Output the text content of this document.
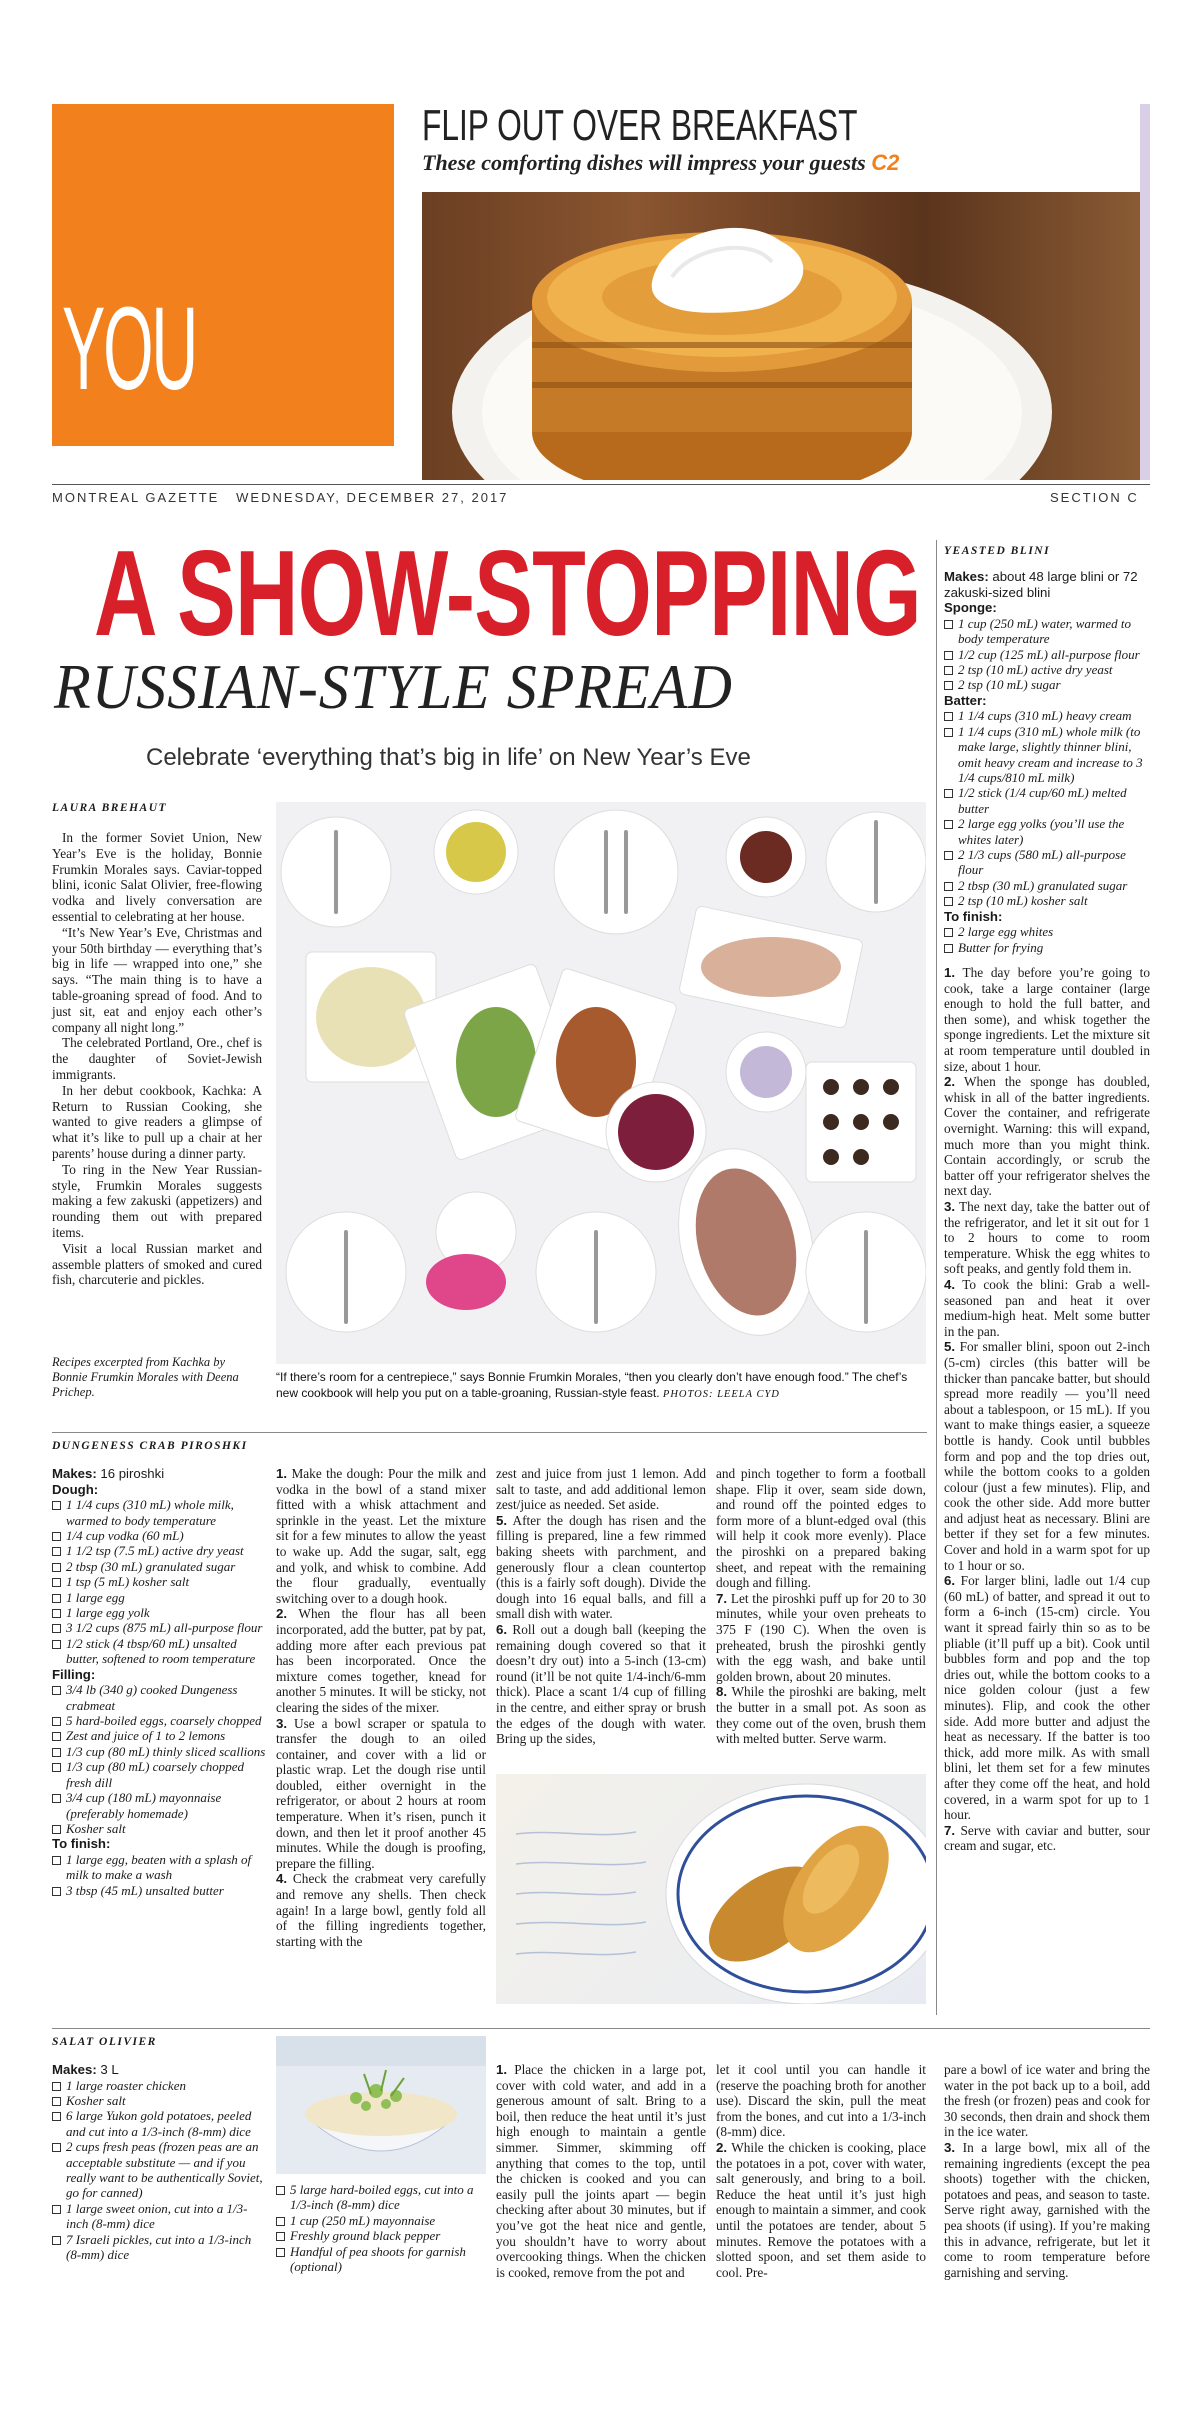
YOU
FLIP OUT OVER BREAKFAST
These comforting dishes will impress your guests C2
MONTREAL GAZETTE   WEDNESDAY, DECEMBER 27, 2017	SECTION C
A SHOW-STOPPING
RUSSIAN-STYLE SPREAD
Celebrate ‘everything that’s big in life’ on New Year’s Eve
LAURA BREHAUT

In the former Soviet Union, New Year’s Eve is the holiday, Bonnie Frumkin Morales says. Caviar-topped blini, iconic Salat Olivier, free-flowing vodka and lively conversation are essential to celebrating at her house.

“It’s New Year’s Eve, Christmas and your 50th birthday — everything that’s big in life — wrapped into one,” she says. “The main thing is to have a table-groaning spread of food. And to just sit, eat and enjoy each other’s company all night long.”

The celebrated Portland, Ore., chef is the daughter of Soviet-Jewish immigrants.

In her debut cookbook, Kachka: A Return to Russian Cooking, she wanted to give readers a glimpse of what it’s like to pull up a chair at her parents’ house during a dinner party.

To ring in the New Year Russian-style, Frumkin Morales suggests making a few zakuski (appetizers) and rounding them out with prepared items.

Visit a local Russian market and assemble platters of smoked and cured fish, charcuterie and pickles.

Recipes excerpted from Kachka by Bonnie Frumkin Morales with Deena Prichep.
“If there’s room for a centrepiece,” says Bonnie Frumkin Morales, “then you clearly don’t have enough food.” The chef’s new cookbook will help you put on a table-groaning, Russian-style feast. PHOTOS: LEELA CYD
YEASTED BLINI
Makes: about 48 large blini or 72 zakuski-sized blini
Sponge:
1 cup (250 mL) water, warmed to body temperature
1/2 cup (125 mL) all-purpose flour
2 tsp (10 mL) active dry yeast
2 tsp (10 mL) sugar
Batter:
1 1/4 cups (310 mL) heavy cream
1 1/4 cups (310 mL) whole milk (to make large, slightly thinner blini, omit heavy cream and increase to 3 1/4 cups/810 mL milk)
1/2 stick (1/4 cup/60 mL) melted butter
2 large egg yolks (you’ll use the whites later)
2 1/3 cups (580 mL) all-purpose flour
2 tbsp (30 mL) granulated sugar
2 tsp (10 mL) kosher salt
To finish:
2 large egg whites
Butter for frying

1. The day before you’re going to cook, take a large container (large enough to hold the full batter, and then some), and whisk together the sponge ingredients. Let the mixture sit at room temperature until doubled in size, about 1 hour.

2. When the sponge has doubled, whisk in all of the batter ingredients. Cover the container, and refrigerate overnight. Warning: this will expand, much more than you might think. Contain accordingly, or scrub the batter off your refrigerator shelves the next day.

3. The next day, take the batter out of the refrigerator, and let it sit out for 1 to 2 hours to come to room temperature. Whisk the egg whites to soft peaks, and gently fold them in.

4. To cook the blini: Grab a well-seasoned pan and heat it over medium-high heat. Melt some butter in the pan.

5. For smaller blini, spoon out 2-inch (5-cm) circles (this batter will be thicker than pancake batter, but should spread more readily — you’ll need about a tablespoon, or 15 mL). If you want to make things easier, a squeeze bottle is handy. Cook until bubbles form and pop and the top dries out, while the bottom cooks to a golden colour (just a few minutes). Flip, and cook the other side. Add more butter and adjust heat as necessary. Blini are better if they set for a few minutes. Cover and hold in a warm spot for up to 1 hour or so.

6. For larger blini, ladle out 1/4 cup (60 mL) of batter, and spread it out to form a 6-inch (15-cm) circle. You want it spread fairly thin so as to be pliable (it’ll puff up a bit). Cook until bubbles form and pop and the top dries out, while the bottom cooks to a nice golden colour (just a few minutes). Flip, and cook the other side. Add more butter and adjust the heat as necessary. If the batter is too thick, add more milk. As with small blini, let them set for a few minutes after they come off the heat, and hold covered, in a warm spot for up to 1 hour.

7. Serve with caviar and butter, sour cream and sugar, etc.

DUNGENESS CRAB PIROSHKI
Makes: 16 piroshki
Dough:
1 1/4 cups (310 mL) whole milk, warmed to body temperature
1/4 cup vodka (60 mL)
1 1/2 tsp (7.5 mL) active dry yeast
2 tbsp (30 mL) granulated sugar
1 tsp (5 mL) kosher salt
1 large egg
1 large egg yolk
3 1/2 cups (875 mL) all-purpose flour
1/2 stick (4 tbsp/60 mL) unsalted butter, softened to room temperature
Filling:
3/4 lb (340 g) cooked Dungeness crabmeat
5 hard-boiled eggs, coarsely chopped
Zest and juice of 1 to 2 lemons
1/3 cup (80 mL) thinly sliced scallions
1/3 cup (80 mL) coarsely chopped fresh dill
3/4 cup (180 mL) mayonnaise (preferably homemade)
Kosher salt
To finish:
1 large egg, beaten with a splash of milk to make a wash
3 tbsp (45 mL) unsalted butter

1. Make the dough: Pour the milk and vodka in the bowl of a stand mixer fitted with a whisk attachment and sprinkle in the yeast. Let the mixture sit for a few minutes to allow the yeast to wake up. Add the sugar, salt, egg and yolk, and whisk to combine. Add the flour gradually, eventually switching over to a dough hook.

2. When the flour has all been incorporated, add the butter, pat by pat, adding more after each previous pat has been incorporated. Once the mixture comes together, knead for another 5 minutes. It will be sticky, not clearing the sides of the mixer.

3. Use a bowl scraper or spatula to transfer the dough to an oiled container, and cover with a lid or plastic wrap. Let the dough rise until doubled, either overnight in the refrigerator, or about 2 hours at room temperature. When it’s risen, punch it down, and then let it proof another 45 minutes. While the dough is proofing, prepare the filling.

4. Check the crabmeat very carefully and remove any shells. Then check again! In a large bowl, gently fold all of the filling ingredients together, starting with the

zest and juice from just 1 lemon. Add salt to taste, and add additional lemon zest/juice as needed. Set aside.

5. After the dough has risen and the filling is prepared, line a few rimmed baking sheets with parchment, and generously flour a clean countertop (this is a fairly soft dough). Divide the dough into 16 equal balls, and fill a small dish with water.

6. Roll out a dough ball (keeping the remaining dough covered so that it doesn’t dry out) into a 5-inch (13-cm) round (it’ll be not quite 1/4-inch/6-mm thick). Place a scant 1/4 cup of filling in the centre, and either spray or brush the edges of the dough with water. Bring up the sides,

and pinch together to form a football shape. Flip it over, seam side down, and round off the pointed edges to form more of a blunt-edged oval (this will help it cook more evenly). Place the piroshki on a prepared baking sheet, and repeat with the remaining dough and filling.

7. Let the piroshki puff up for 20 to 30 minutes, while your oven preheats to 375 F (190 C). When the oven is preheated, brush the piroshki gently with the egg wash, and bake until golden brown, about 20 minutes.

8. While the piroshki are baking, melt the butter in a small pot. As soon as they come out of the oven, brush them with melted butter. Serve warm.

SALAT OLIVIER
Makes: 3 L
1 large roaster chicken
Kosher salt
6 large Yukon gold potatoes, peeled and cut into a 1/3-inch (8-mm) dice
2 cups fresh peas (frozen peas are an acceptable substitute — and if you really want to be authentically Soviet, go for canned)
1 large sweet onion, cut into a 1/3-inch (8-mm) dice
7 Israeli pickles, cut into a 1/3-inch (8-mm) dice
5 large hard-boiled eggs, cut into a 1/3-inch (8-mm) dice
1 cup (250 mL) mayonnaise
Freshly ground black pepper
Handful of pea shoots for garnish (optional)

1. Place the chicken in a large pot, cover with cold water, and add in a generous amount of salt. Bring to a boil, then reduce the heat until it’s just high enough to maintain a gentle simmer. Simmer, skimming off anything that comes to the top, until the chicken is cooked and you can easily pull the joints apart — begin checking after about 30 minutes, but if you’ve got the heat nice and gentle, you shouldn’t have to worry about overcooking things. When the chicken is cooked, remove from the pot and

let it cool until you can handle it (reserve the poaching broth for another use). Discard the skin, pull the meat from the bones, and cut into a 1/3-inch (8-mm) dice.

2. While the chicken is cooking, place the potatoes in a pot, cover with water, salt generously, and bring to a boil. Reduce the heat until it’s just high enough to maintain a simmer, and cook until the potatoes are tender, about 5 minutes. Remove the potatoes with a slotted spoon, and set them aside to cool. Pre-

pare a bowl of ice water and bring the water in the pot back up to a boil, add the fresh (or frozen) peas and cook for 30 seconds, then drain and shock them in the ice water.

3. In a large bowl, mix all of the remaining ingredients (except the pea shoots) together with the chicken, potatoes and peas, and season to taste. Serve right away, garnished with the pea shoots (if using). If you’re making this in advance, refrigerate, but let it come to room temperature before garnishing and serving.
